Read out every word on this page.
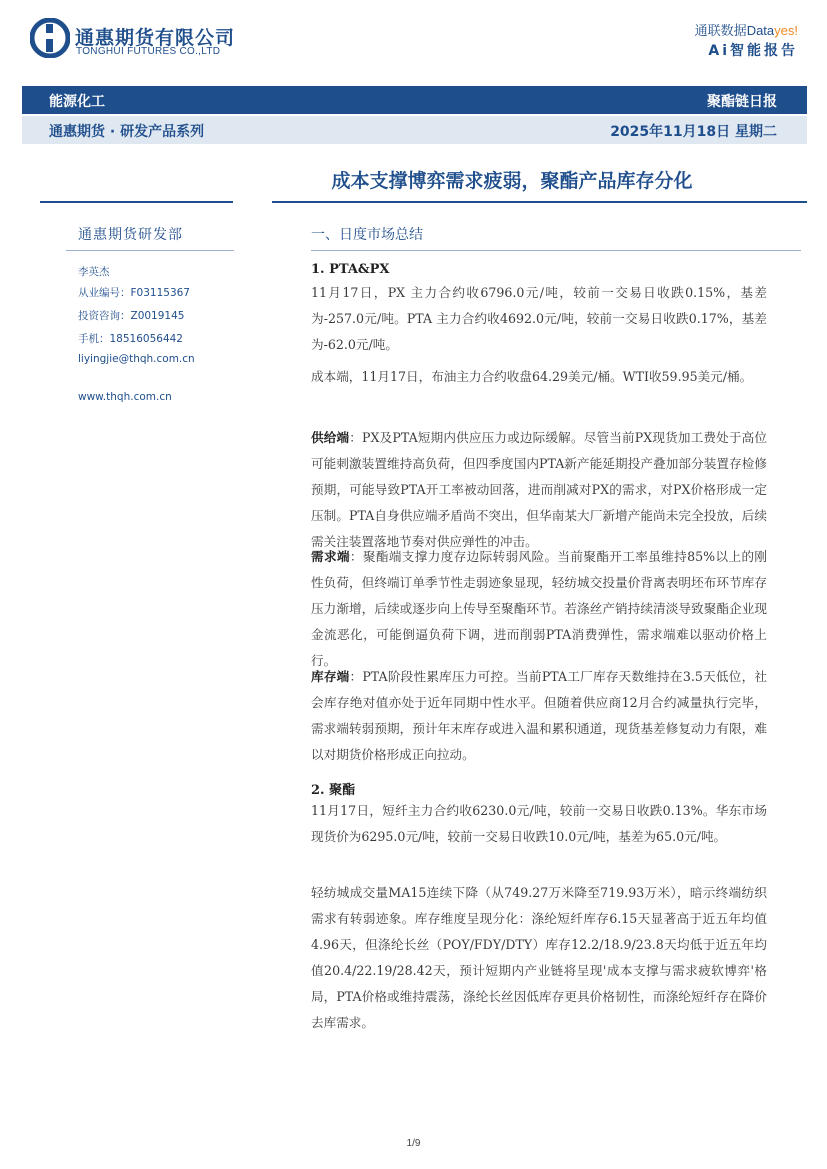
通惠期货有限公司
TONGHUI FUTURES CO.,LTD
通联数据Datayes!
Ai智能报告
能源化工	聚酯链日报
通惠期货 · 研发产品系列	2025年11月18日 星期二
成本支撑博弈需求疲弱，聚酯产品库存分化
通惠期货研发部
李英杰
从业编号：F03115367
投资咨询：Z0019145
手机：18516056442
liyingjie@thqh.com.cn
www.thqh.com.cn
一、日度市场总结
1. PTA&PX
11月17日，PX 主力合约收6796.0元/吨，较前一交易日收跌0.15%，基差为-257.0元/吨。PTA 主力合约收4692.0元/吨，较前一交易日收跌0.17%，基差为-62.0元/吨。
成本端，11月17日，布油主力合约收盘64.29美元/桶。WTI收59.95美元/桶。
供给端：PX及PTA短期内供应压力或边际缓解。尽管当前PX现货加工费处于高位可能刺激装置维持高负荷，但四季度国内PTA新产能延期投产叠加部分装置存检修预期，可能导致PTA开工率被动回落，进而削减对PX的需求，对PX价格形成一定压制。PTA自身供应端矛盾尚不突出，但华南某大厂新增产能尚未完全投放，后续需关注装置落地节奏对供应弹性的冲击。
需求端：聚酯端支撑力度存边际转弱风险。当前聚酯开工率虽维持85%以上的刚性负荷，但终端订单季节性走弱迹象显现，轻纺城交投量价背离表明坯布环节库存压力渐增，后续或逐步向上传导至聚酯环节。若涤丝产销持续清淡导致聚酯企业现金流恶化，可能倒逼负荷下调，进而削弱PTA消费弹性，需求端难以驱动价格上行。
库存端：PTA阶段性累库压力可控。当前PTA工厂库存天数维持在3.5天低位，社会库存绝对值亦处于近年同期中性水平。但随着供应商12月合约减量执行完毕，需求端转弱预期，预计年末库存或进入温和累积通道，现货基差修复动力有限，难以对期货价格形成正向拉动。
2. 聚酯
11月17日，短纤主力合约收6230.0元/吨，较前一交易日收跌0.13%。华东市场现货价为6295.0元/吨，较前一交易日收跌10.0元/吨，基差为65.0元/吨。
轻纺城成交量MA15连续下降（从749.27万米降至719.93万米），暗示终端纺织需求有转弱迹象。库存维度呈现分化：涤纶短纤库存6.15天显著高于近五年均值4.96天，但涤纶长丝（POY/FDY/DTY）库存12.2/18.9/23.8天均低于近五年均值20.4/22.19/28.42天，预计短期内产业链将呈现'成本支撑与需求疲软博弈'格局，PTA价格或维持震荡，涤纶长丝因低库存更具价格韧性，而涤纶短纤存在降价去库需求。
1/9
